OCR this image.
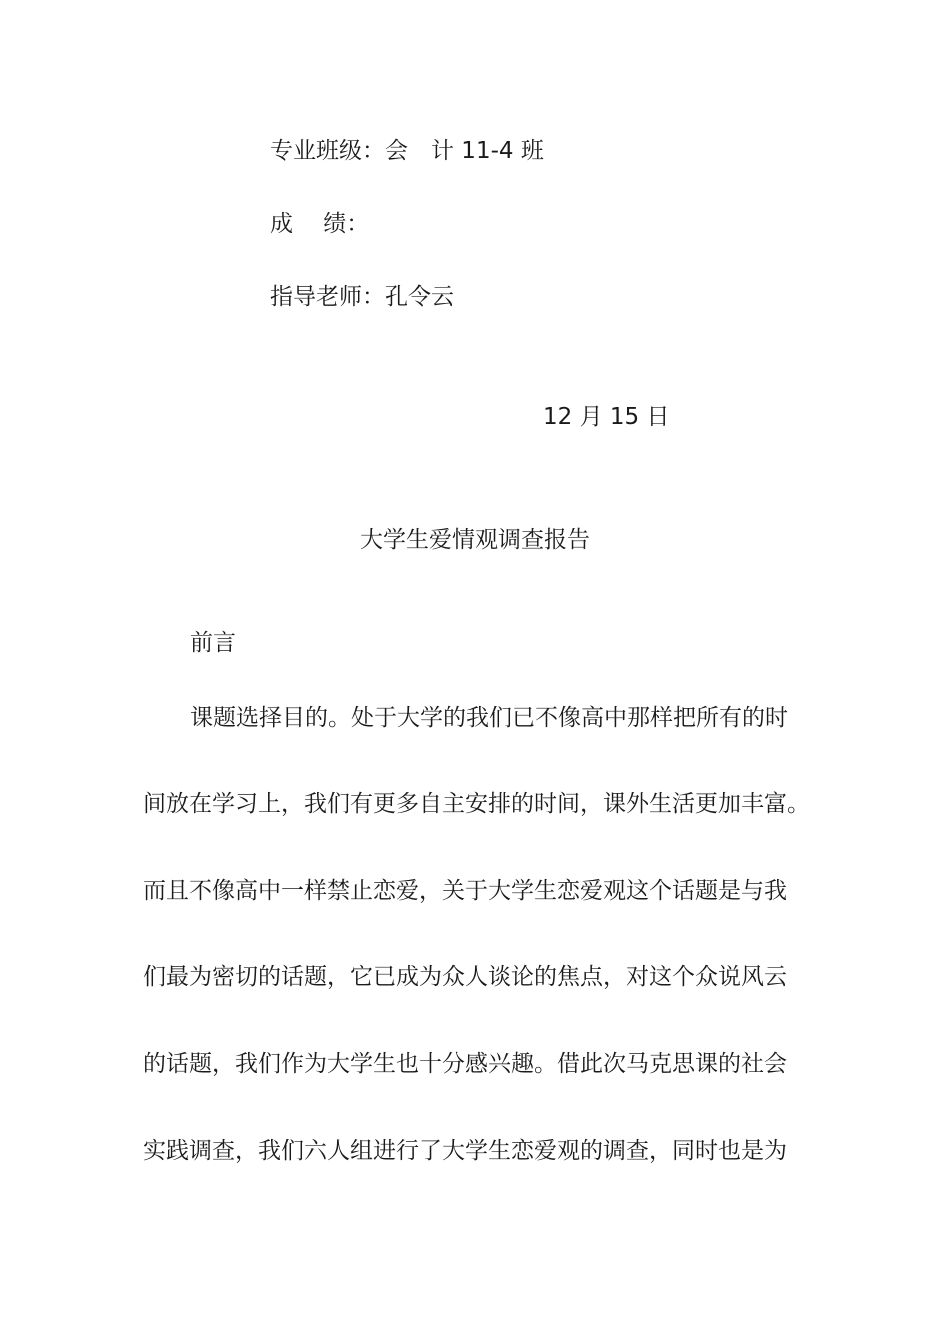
专业班级：会　计 11-4 班
成　 绩：
指导老师：孔令云
12 月 15 日
大学生爱情观调查报告
前言
课题选择目的。处于大学的我们已不像高中那样把所有的时
间放在学习上，我们有更多自主安排的时间，课外生活更加丰富。
而且不像高中一样禁止恋爱，关于大学生恋爱观这个话题是与我
们最为密切的话题，它已成为众人谈论的焦点，对这个众说风云
的话题，我们作为大学生也十分感兴趣。借此次马克思课的社会
实践调查，我们六人组进行了大学生恋爱观的调查，同时也是为
